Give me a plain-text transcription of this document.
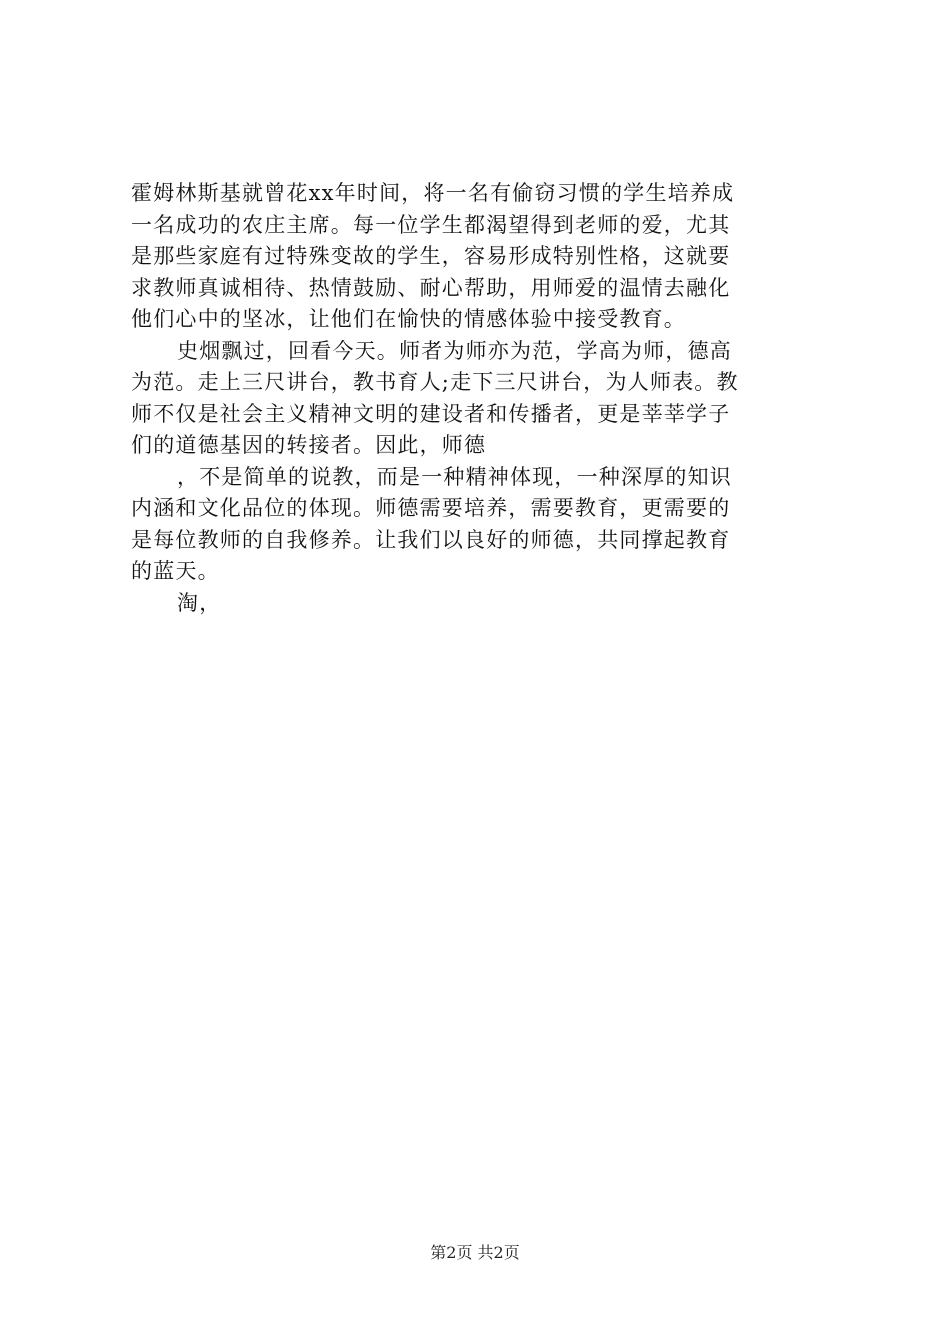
霍姆林斯基就曾花xx年时间，将一名有偷窃习惯的学生培养成
一名成功的农庄主席。每一位学生都渴望得到老师的爱，尤其
是那些家庭有过特殊变故的学生，容易形成特别性格，这就要
求教师真诚相待、热情鼓励、耐心帮助，用师爱的温情去融化
他们心中的坚冰，让他们在愉快的情感体验中接受教育。
史烟飘过，回看今天。师者为师亦为范，学高为师，德高
为范。走上三尺讲台，教书育人;走下三尺讲台，为人师表。教
师不仅是社会主义精神文明的建设者和传播者，更是莘莘学子
们的道德基因的转接者。因此，师德
，不是简单的说教，而是一种精神体现，一种深厚的知识
内涵和文化品位的体现。师德需要培养，需要教育，更需要的
是每位教师的自我修养。让我们以良好的师德，共同撑起教育
的蓝天。
淘，
第2页 共2页
